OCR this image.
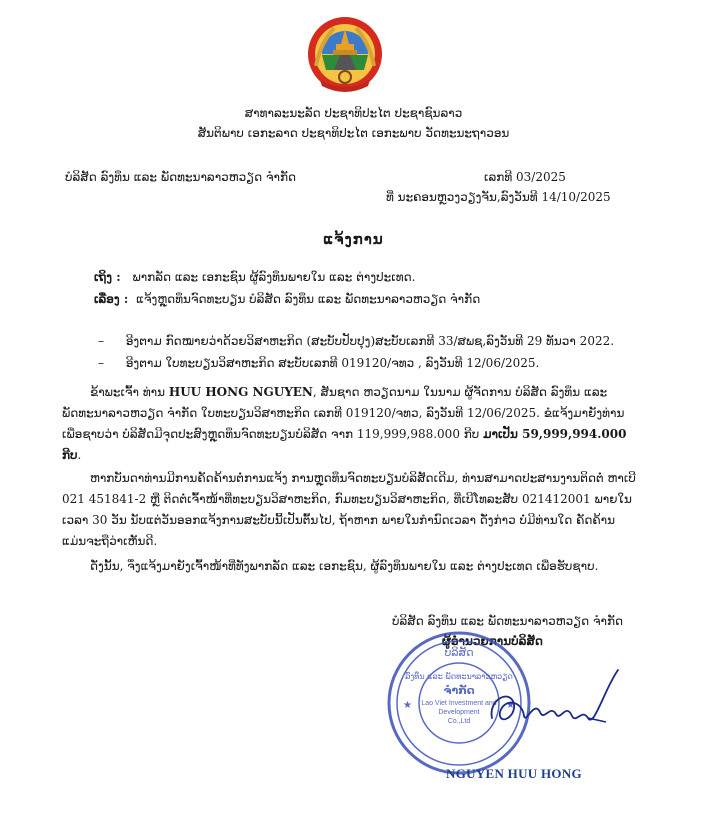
ສາທາລະນະລັດ ປະຊາທິປະໄຕ ປະຊາຊົນລາວ
ສັນຕິພາບ ເອກະລາດ ປະຊາທິປະໄຕ ເອກະພາບ ວັດທະນະຖາວອນ
ບໍລິສັດ ລົງທຶນ ແລະ ພັດທະນາລາວຫວຽດ ຈໍາກັດ	ເລກທີ 03/2025
ທີ່ ນະຄອນຫຼວງວຽງຈັນ,ລົງວັນທີ 14/10/2025
ແຈ້ງການ
ເຖິງ : ພາກລັດ ແລະ ເອກະຊົນ ຜູ້ລົງທຶນພາຍໃນ ແລະ ຕ່າງປະເທດ.
ເລື່ອງ : ແຈ້ງຫຼຸດທຶນຈົດທະບຽນ ບໍລິສັດ ລົງທຶນ ແລະ ພັດທະນາລາວຫວຽດ ຈໍາກັດ
– ອີງຕາມ ກົດໝາຍວ່າດ້ວຍວິສາຫະກິດ (ສະບັບປັບປຸງ)ສະບັບເລກທີ 33/ສພຊ,ລົງວັນທີ 29 ທັນວາ 2022.
– ອີງຕາມ ໃບທະບຽນວິສາຫະກິດ ສະບັບເລກທີ 019120/ຈທວ , ລົງວັນທີ 12/06/2025.
ຂ້າພະເຈົ້າ ທ່ານ HUU HONG NGUYEN, ສັນຊາດ ຫວຽດນາມ ໃນນາມ ຜູ້ຈັດການ ບໍລິສັດ ລົງທຶນ ແລະ ພັດທະນາລາວຫວຽດ ຈໍາກັດ ໃບທະບຽນວິສາຫະກິດ ເລກທີ 019120/ຈທວ, ລົງວັນທີ 12/06/2025. ຂໍແຈ້ງມາຍັງທ່ານເພື່ອຊາບວ່າ ບໍລິສັດມີຈຸດປະສົງຫຼຸດທຶນຈົດທະບຽນບໍລິສັດ ຈາກ 119,999,988.000 ກີບ ມາເປັນ 59,999,994.000 ກີບ.
ຫາກບັນດາທ່ານມີການຄັດຄ້ານຕໍ່ການແຈ້ງ ການຫຼຸດທຶນຈົດທະບຽນບໍລິສັດເດີມ, ທ່ານສາມາດປະສານງານຕິດຕໍ່ ຫາເບີ 021 451841-2 ຫຼື ຕິດຕໍ່ເຈົ້າໜ້າທີ່ທະບຽນວິສາຫະກິດ, ກົມທະບຽນວິສາຫະກິດ, ທີ່ເບີໂທລະສັບ 021412001 ພາຍໃນເວລາ 30 ວັນ ນັບແຕ່ວັນອອກແຈ້ງການສະບັບນີ້ເປັນຕົ້ນໄປ, ຖ້າຫາກ ພາຍໃນກໍານົດເວລາ ດັ່ງກ່າວ ບໍ່ມີທ່ານໃດ ຄັດຄ້ານແມ່ນຈະຖືວ່າເຫັນດີ.
ດັ່ງນັ້ນ, ຈຶ່ງແຈ້ງມາຍັງເຈົ້າໜ້າທີ່ທັງພາກລັດ ແລະ ເອກະຊົນ, ຜູ້ລົງທຶນພາຍໃນ ແລະ ຕ່າງປະເທດ ເພື່ອຮັບຊາບ.
ບໍລິສັດ ລົງທຶນ ແລະ ພັດທະນາລາວຫວຽດ ຈໍາກັດ
ຜູ້ອໍານວຍການບໍລິສັດ
★	★
ບໍລິສັດ
ລົງທຶນ ແລະ ພັດທະນາລາວຫວຽດ
ຈໍາກັດ
Lao Viet Investment and
Development
Co.,Ltd
NGUYEN HUU HONG
